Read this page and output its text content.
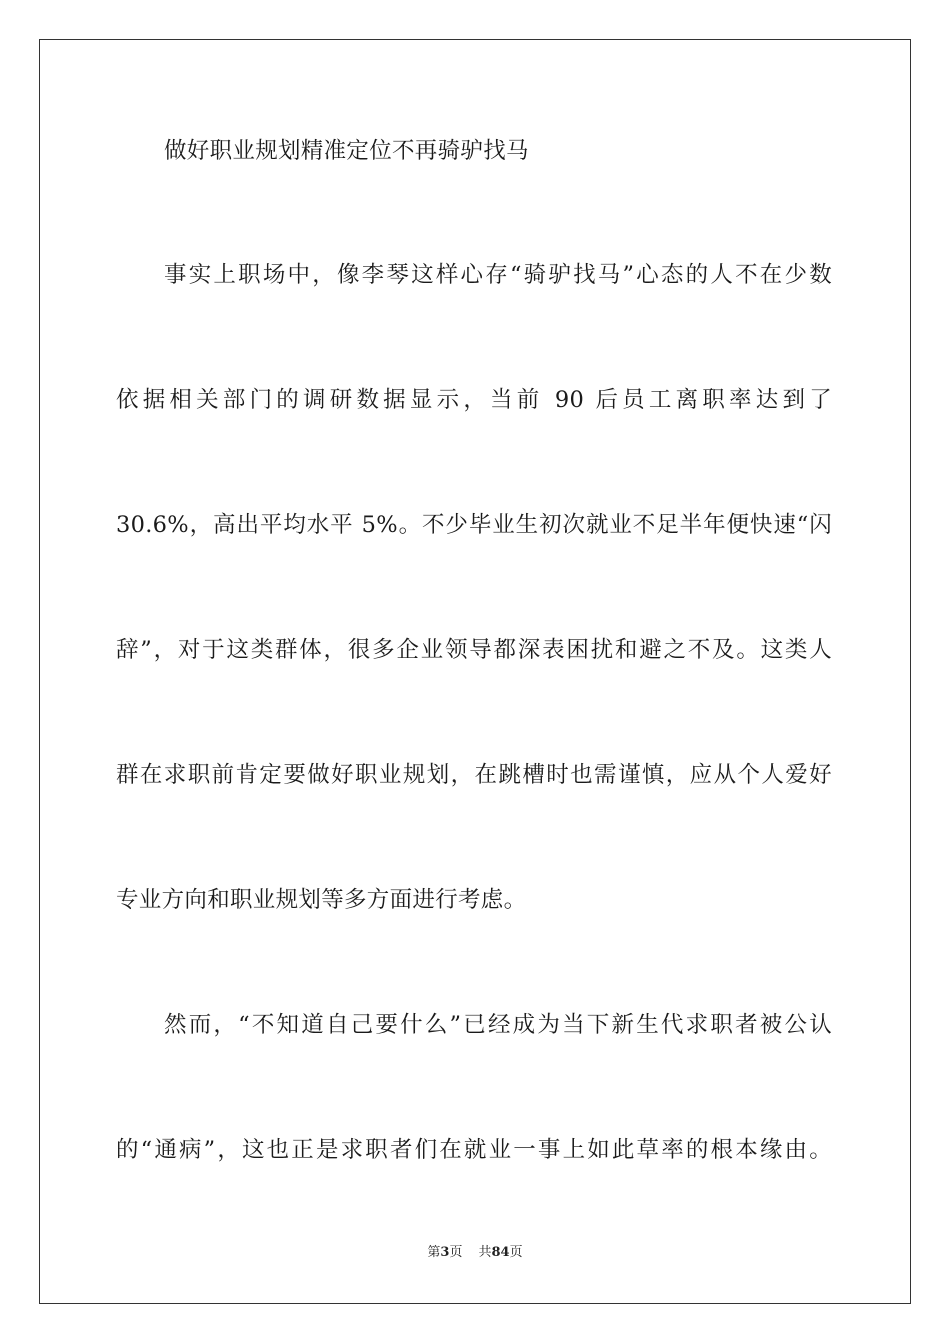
做好职业规划精准定位不再骑驴找马
事实上职场中，像李琴这样心存“骑驴找马”心态的人不在少数
依据相关部门的调研数据显示，当前 90 后员工离职率达到了
30.6%，高出平均水平 5%。不少毕业生初次就业不足半年便快速“闪
辞”，对于这类群体，很多企业领导都深表困扰和避之不及。这类人
群在求职前肯定要做好职业规划，在跳槽时也需谨慎，应从个人爱好
专业方向和职业规划等多方面进行考虑。
然而，“不知道自己要什么”已经成为当下新生代求职者被公认
的“通病”，这也正是求职者们在就业一事上如此草率的根本缘由。
第3页 共84页
